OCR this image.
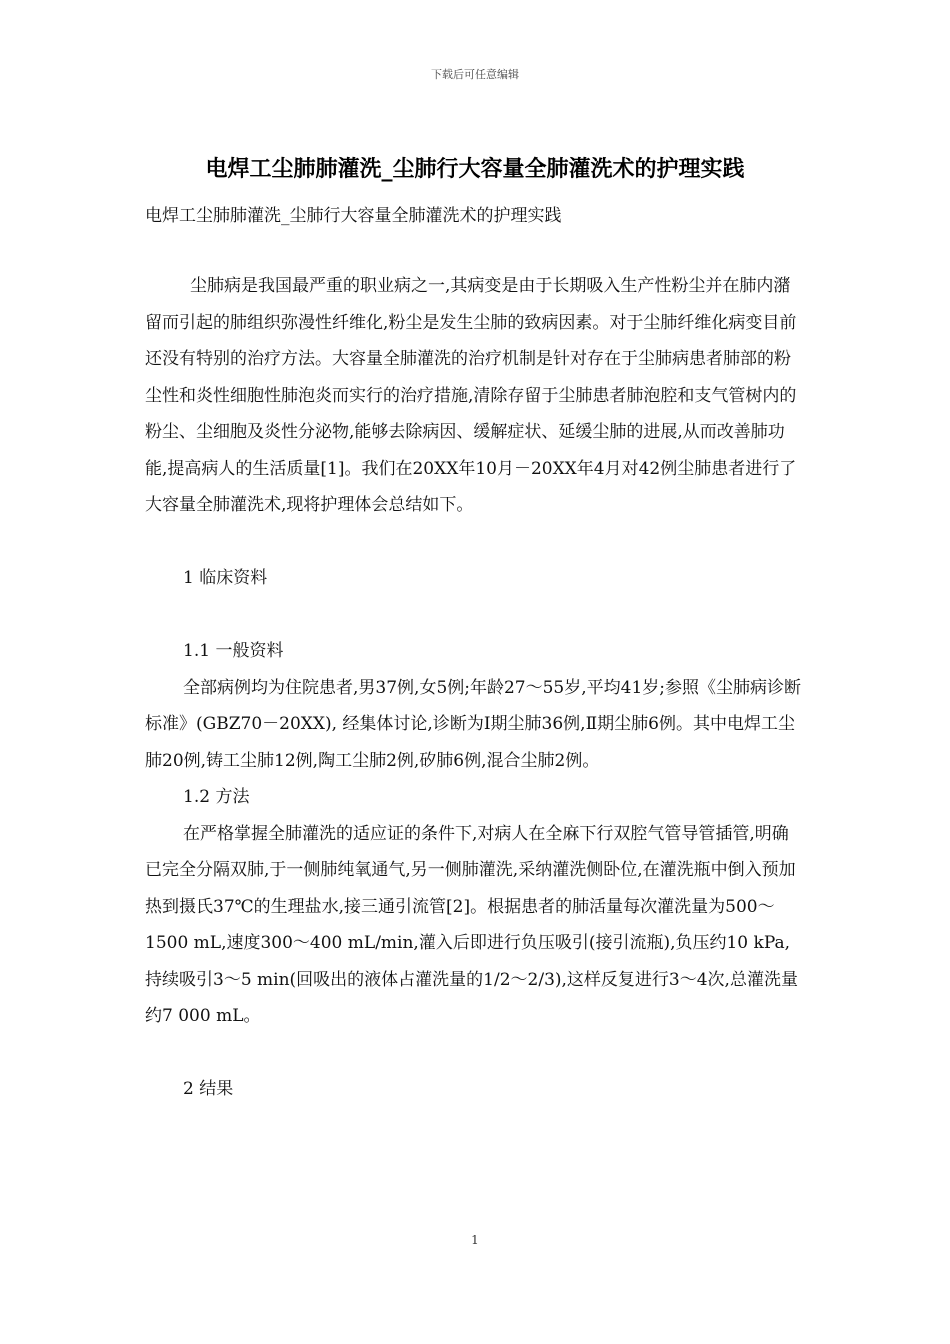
下载后可任意编辑
电焊工尘肺肺灌洗_尘肺行大容量全肺灌洗术的护理实践
电焊工尘肺肺灌洗_尘肺行大容量全肺灌洗术的护理实践

尘肺病是我国最严重的职业病之一,其病变是由于长期吸入生产性粉尘并在肺内潴留而引起的肺组织弥漫性纤维化,粉尘是发生尘肺的致病因素。对于尘肺纤维化病变目前还没有特别的治疗方法。大容量全肺灌洗的治疗机制是针对存在于尘肺病患者肺部的粉尘性和炎性细胞性肺泡炎而实行的治疗措施,清除存留于尘肺患者肺泡腔和支气管树内的粉尘、尘细胞及炎性分泌物,能够去除病因、缓解症状、延缓尘肺的进展,从而改善肺功能,提高病人的生活质量[1]。我们在20XX年10月－20XX年4月对42例尘肺患者进行了大容量全肺灌洗术,现将护理体会总结如下。

1 临床资料

1.1 一般资料

全部病例均为住院患者,男37例,女5例;年龄27～55岁,平均41岁;参照《尘肺病诊断标准》(GBZ70－20XX), 经集体讨论,诊断为Ⅰ期尘肺36例,Ⅱ期尘肺6例。其中电焊工尘肺20例,铸工尘肺12例,陶工尘肺2例,矽肺6例,混合尘肺2例。

1.2 方法

在严格掌握全肺灌洗的适应证的条件下,对病人在全麻下行双腔气管导管插管,明确已完全分隔双肺,于一侧肺纯氧通气,另一侧肺灌洗,采纳灌洗侧卧位,在灌洗瓶中倒入预加热到摄氏37℃的生理盐水,接三通引流管[2]。根据患者的肺活量每次灌洗量为500～1500 mL,速度300～400 mL/min,灌入后即进行负压吸引(接引流瓶),负压约10 kPa,持续吸引3～5 min(回吸出的液体占灌洗量的1/2～2/3),这样反复进行3～4次,总灌洗量约7 000 mL。

2 结果

1
